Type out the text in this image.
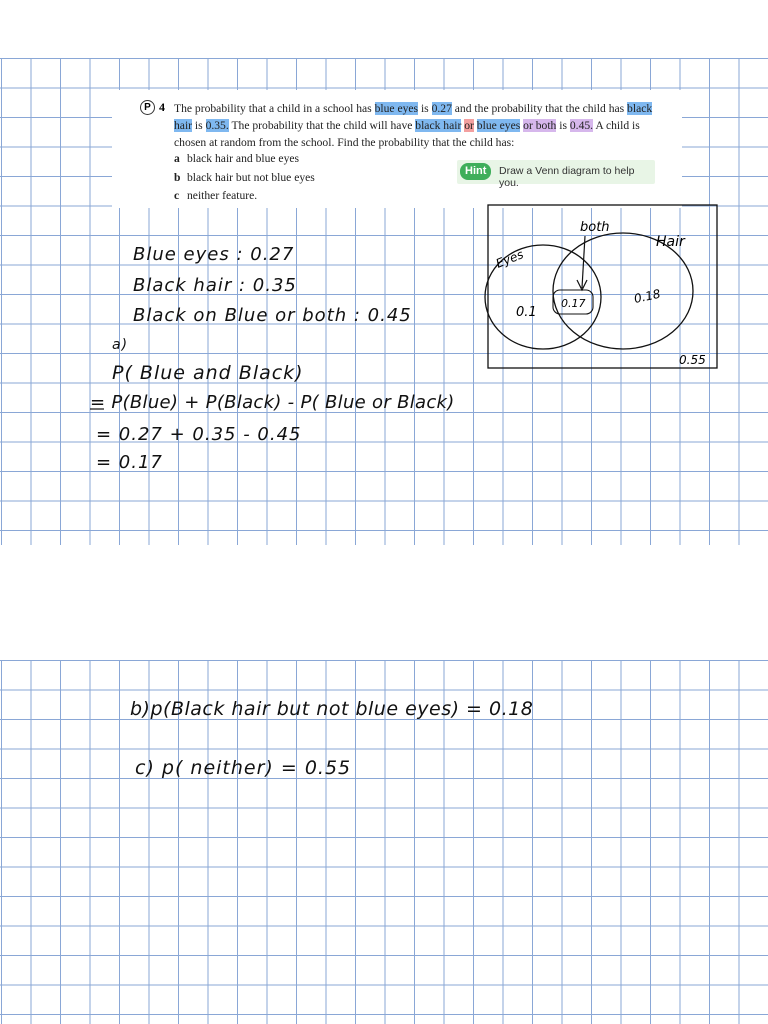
P 4 The probability that a child in a school has blue eyes is 0.27 and the probability that the child has black hair is 0.35. The probability that the child will have black hair or blue eyes or both is 0.45. A child is chosen at random from the school. Find the probability that the child has:
a black hair and blue eyes
b black hair but not blue eyes
c neither feature.
Hint	Draw a Venn diagram to help you.
Blue eyes : 0.27
Black hair : 0.35
Black on Blue or both : 0.45
a)
P( Blue and Black)
= P(Blue) + P(Black) - P( Blue or Black)
= 0.27 + 0.35 - 0.45
= 0.17
b)p(Black hair but not blue eyes) = 0.18
c) p( neither) = 0.55
both
Eyes
Hair
0.1
0.17	0.18
0.55
